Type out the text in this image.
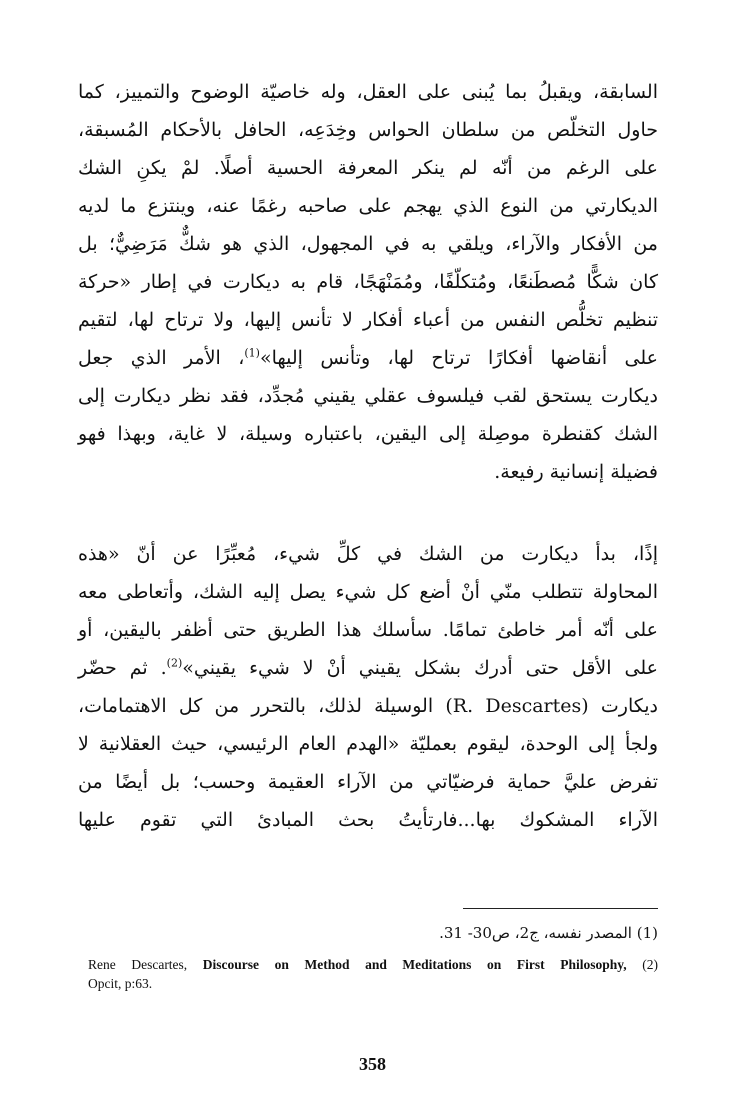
السابقة، ويقبلُ بما يُبنى على العقل، وله خاصيّة الوضوح والتمييز، كما
حاول التخلّص من سلطان الحواس وخِدَعِه، الحافل بالأحكام المُسبقة،
على الرغم من أنّه لم ينكر المعرفة الحسية أصلًا. لمْ يكنِ الشك
الديكارتي من النوع الذي يهجم على صاحبه رغمًا عنه، وينتزع ما لديه
من الأفكار والآراء، ويلقي به في المجهول، الذي هو شكٌّ مَرَضِيٌّ؛ بل
كان شكًّا مُصطَنعًا، ومُتكلّفًا، ومُمَنْهَجًا، قام به ديكارت في إطار «حركة
تنظيم تخلُّص النفس من أعباء أفكار لا تأنس إليها، ولا ترتاح لها، لتقيم
على أنقاضها أفكارًا ترتاح لها، وتأنس إليها»$^{(1)}$، الأمر الذي جعل
ديكارت يستحق لقب فيلسوف عقلي يقيني مُجدِّد، فقد نظر ديكارت إلى
الشك كقنطرة موصِلة إلى اليقين، باعتباره وسيلة، لا غاية، وبهذا فهو
فضيلة إنسانية رفيعة.
إذًا، بدأ ديكارت من الشك في كلِّ شيء، مُعبِّرًا عن أنّ «هذه
المحاولة تتطلب منّي أنْ أضع كل شيء يصل إليه الشك، وأتعاطى معه
على أنّه أمر خاطئ تمامًا. سأسلك هذا الطريق حتى أظفر باليقين، أو
على الأقل حتى أدرك بشكل يقيني أنْ لا شيء يقيني»$^{(2)}$. ثم حضّر
ديكارت (R. Descartes) الوسيلة لذلك، بالتحرر من كل الاهتمامات،
ولجأ إلى الوحدة، ليقوم بعمليّة «الهدم العام الرئيسي، حيث العقلانية لا
تفرض عليَّ حماية فرضيّاتي من الآراء العقيمة وحسب؛ بل أيضًا من
الآراء المشكوك بها...فارتأيتُ بحث المبادئ التي تقوم عليها
(1) المصدر نفسه، ج2، ص30- 31.
Rene Descartes, Discourse on Method and Meditations on First Philosophy, (2)
Opcit, p:63.
358
